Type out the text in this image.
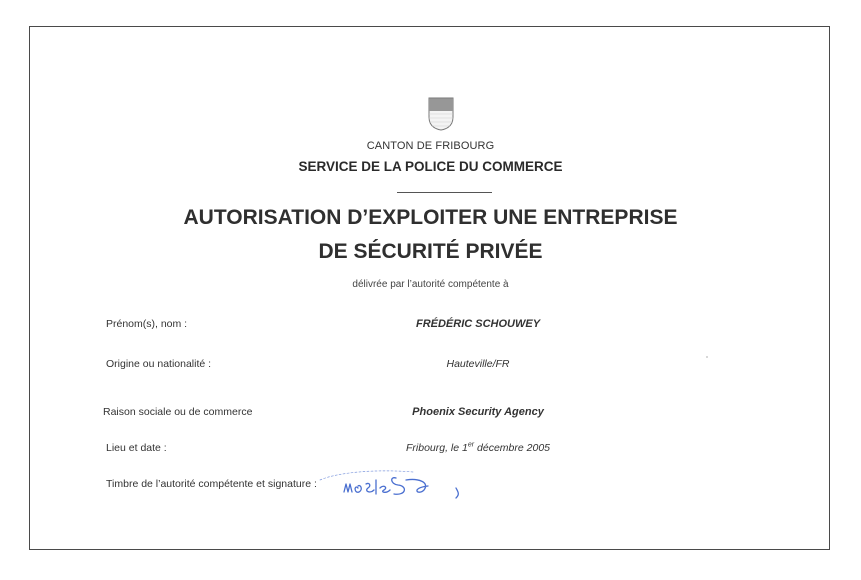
CANTON DE FRIBOURG
SERVICE DE LA POLICE DU COMMERCE
AUTORISATION D’EXPLOITER UNE ENTREPRISE
DE SÉCURITÉ PRIVÉE
délivrée par l’autorité compétente à
Prénom(s), nom :	FRÉDÉRIC SCHOUWEY
Origine ou nationalité :	Hauteville/FR
Raison sociale ou de commerce	Phoenix Security Agency
Lieu et date :	Fribourg, le 1er décembre 2005
Timbre de l’autorité compétente et signature :
